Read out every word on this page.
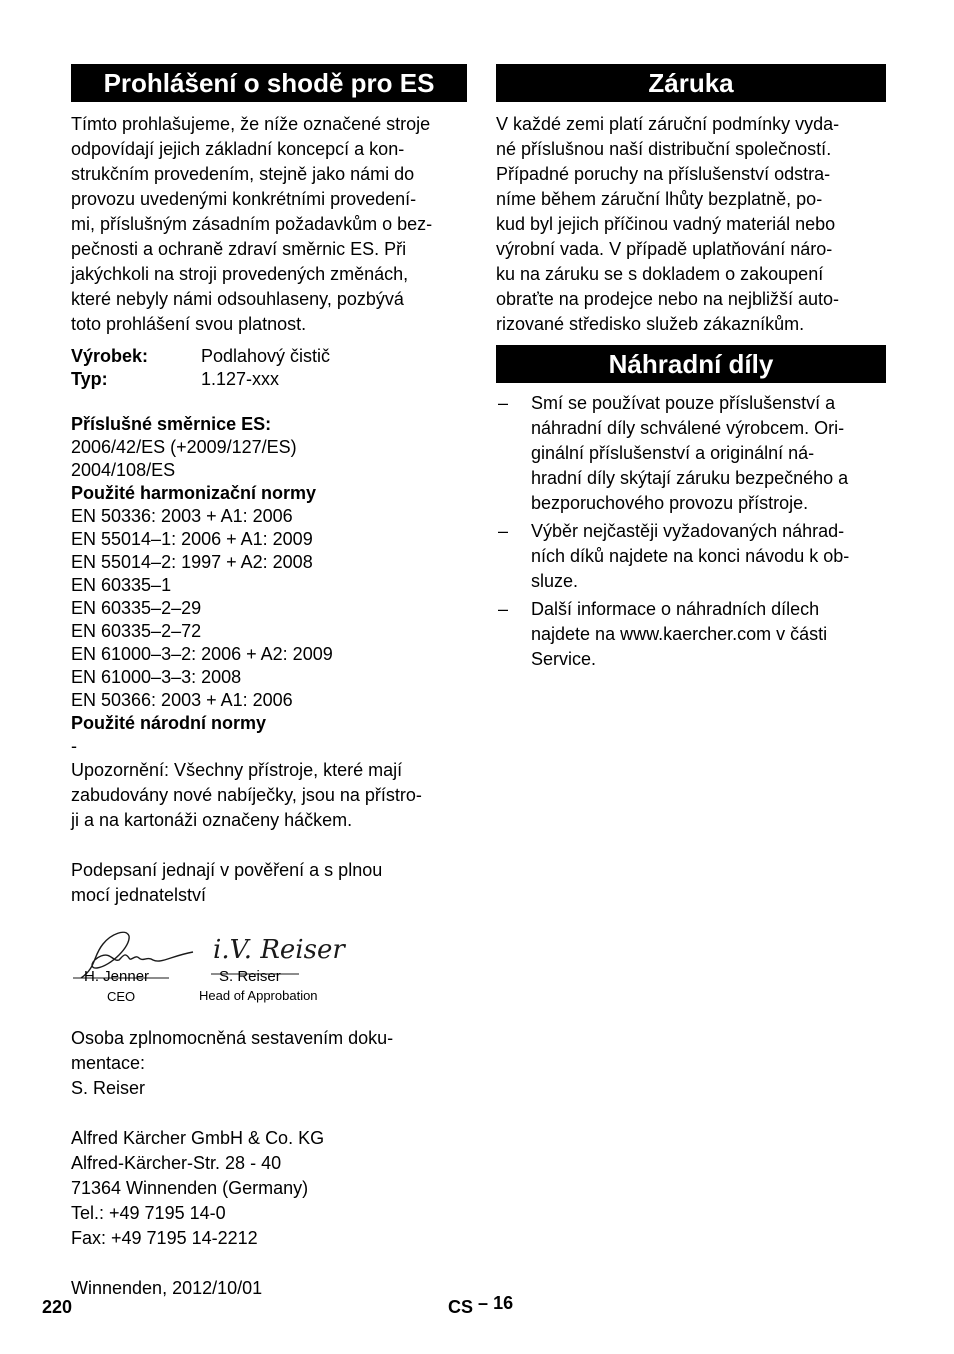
Prohlášení o shodě pro ES
Tímto prohlašujeme, že níže označené stroje
odpovídají jejich základní koncepcí a kon-
strukčním provedením, stejně jako námi do
provozu uvedenými konkrétními provedení-
mi, příslušným zásadním požadavkům o bez-
pečnosti a ochraně zdraví směrnic ES. Při
jakýchkoli na stroji provedených změnách,
které nebyly námi odsouhlaseny, pozbývá
toto prohlášení svou platnost.
Výrobek:	Podlahový čistič
Typ:	1.127-xxx
Příslušné směrnice ES:
2006/42/ES (+2009/127/ES)
2004/108/ES
Použité harmonizační normy
EN 50336: 2003 + A1: 2006
EN 55014–1: 2006 + A1: 2009
EN 55014–2: 1997 + A2: 2008
EN 60335–1
EN 60335–2–29
EN 60335–2–72
EN 61000–3–2: 2006 + A2: 2009
EN 61000–3–3: 2008
EN 50366: 2003 + A1: 2006
Použité národní normy
-
Upozornění: Všechny přístroje, které mají
zabudovány nové nabíječky, jsou na přístro-
ji a na kartonáži označeny háčkem.
Podepsaní jednají v pověření a s plnou
mocí jednatelství
i.V. Reiser
H. Jenner
CEO
S. Reiser
Head of Approbation
Osoba zplnomocněná sestavením doku-
mentace:
S. Reiser
Alfred Kärcher GmbH & Co. KG
Alfred-Kärcher-Str. 28 - 40
71364 Winnenden (Germany)
Tel.: +49 7195 14-0
Fax: +49 7195 14-2212
Winnenden, 2012/10/01
Záruka
V každé zemi platí záruční podmínky vyda-
né příslušnou naší distribuční společností.
Případné poruchy na příslušenství odstra-
níme během záruční lhůty bezplatně, po-
kud byl jejich příčinou vadný materiál nebo
výrobní vada. V případě uplatňování náro-
ku na záruku se s dokladem o zakoupení
obraťte na prodejce nebo na nejbližší auto-
rizované středisko služeb zákazníkům.
Náhradní díly
–	Smí se používat pouze příslušenství a
náhradní díly schválené výrobcem. Ori-
ginální příslušenství a originální ná-
hradní díly skýtají záruku bezpečného a
bezporuchového provozu přístroje.
–	Výběr nejčastěji vyžadovaných náhrad-
ních díků najdete na konci návodu k ob-
sluze.
–	Další informace o náhradních dílech
najdete na www.kaercher.com v části
Service.
220	CS – 16
